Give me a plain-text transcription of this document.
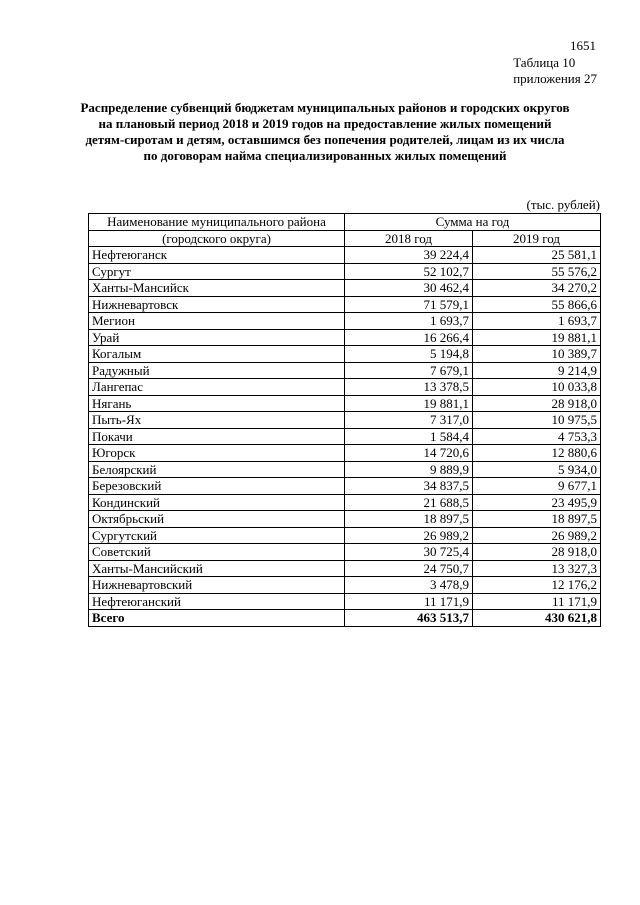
1651
Таблица 10
приложения 27
Распределение субвенций бюджетам муниципальных районов и городских округов на плановый период 2018 и 2019 годов на предоставление жилых помещений детям-сиротам и детям, оставшимся без попечения родителей, лицам из их числа по договорам найма специализированных жилых помещений
(тыс. рублей)
Наименование муниципального района	Сумма на год	
(городского округа)	2018 год	2019 год
Нефтеюганск	39 224,4	25 581,1
Сургут	52 102,7	55 576,2
Ханты-Мансийск	30 462,4	34 270,2
Нижневартовск	71 579,1	55 866,6
Мегион	1 693,7	1 693,7
Урай	16 266,4	19 881,1
Когалым	5 194,8	10 389,7
Радужный	7 679,1	9 214,9
Лангепас	13 378,5	10 033,8
Нягань	19 881,1	28 918,0
Пыть-Ях	7 317,0	10 975,5
Покачи	1 584,4	4 753,3
Югорск	14 720,6	12 880,6
Белоярский	9 889,9	5 934,0
Березовский	34 837,5	9 677,1
Кондинский	21 688,5	23 495,9
Октябрьский	18 897,5	18 897,5
Сургутский	26 989,2	26 989,2
Советский	30 725,4	28 918,0
Ханты-Мансийский	24 750,7	13 327,3
Нижневартовский	3 478,9	12 176,2
Нефтеюганский	11 171,9	11 171,9
Всего	463 513,7	430 621,8
